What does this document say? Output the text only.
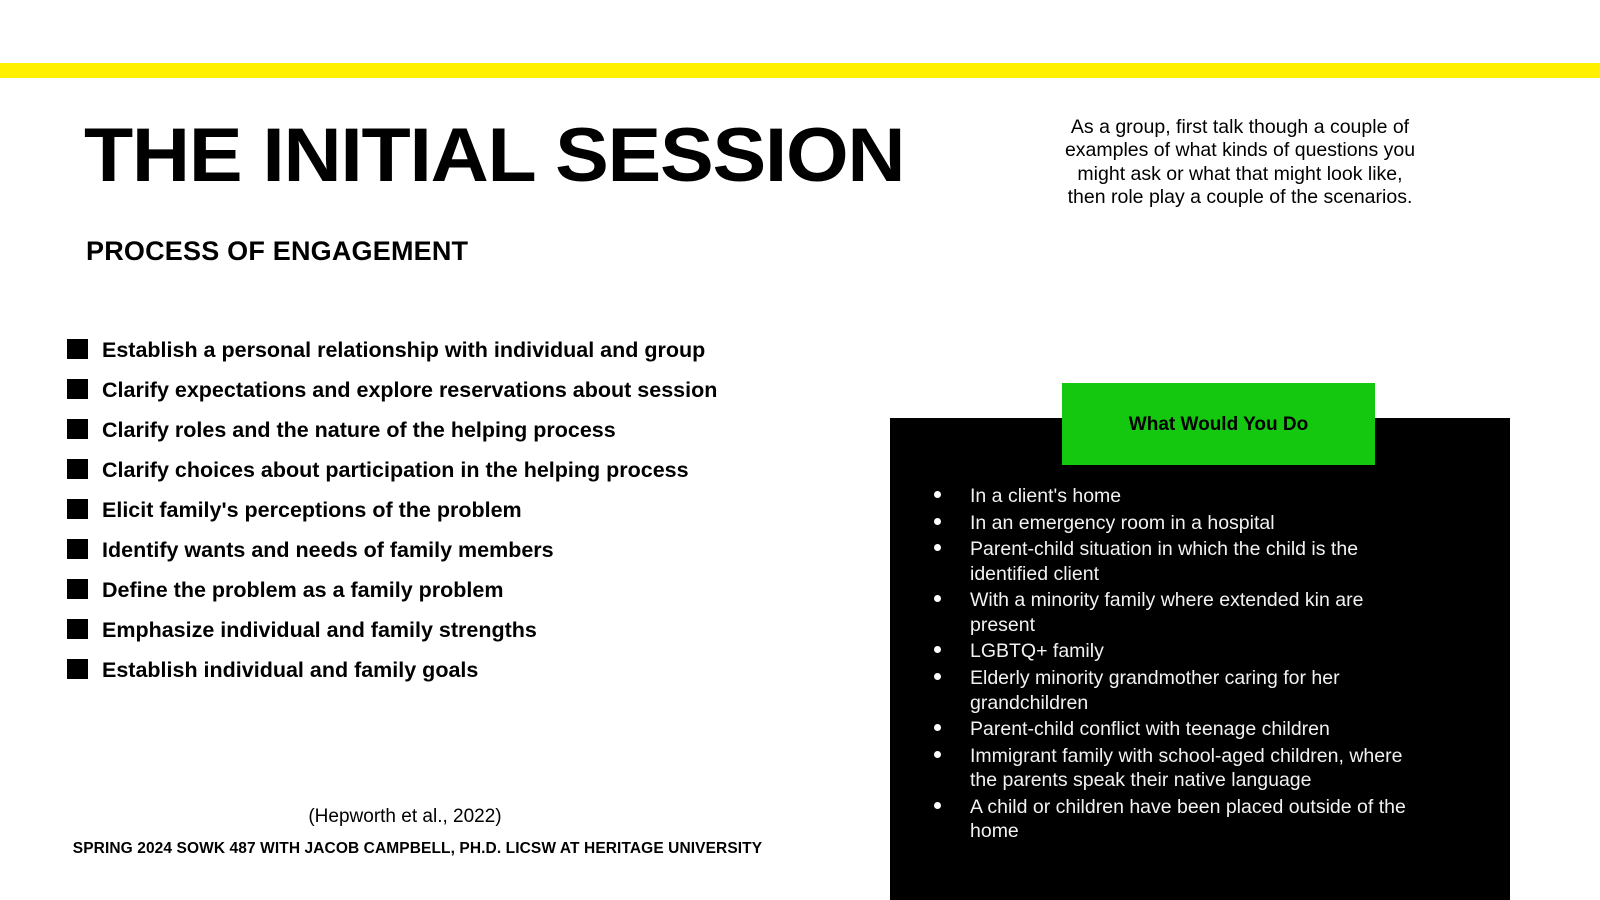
THE INITIAL SESSION
PROCESS OF ENGAGEMENT
As a group, first talk though a couple of examples of what kinds of questions you might ask or what that might look like, then role play a couple of the scenarios.
Establish a personal relationship with individual and group
Clarify expectations and explore reservations about session
Clarify roles and the nature of the helping process
Clarify choices about participation in the helping process
Elicit family's perceptions of the problem
Identify wants and needs of family members
Define the problem as a family problem
Emphasize individual and family strengths
Establish individual and family goals
(Hepworth et al., 2022)
SPRING 2024 SOWK 487 WITH JACOB CAMPBELL, PH.D. LICSW AT HERITAGE UNIVERSITY
In a client's home
In an emergency room in a hospital
Parent-child situation in which the child is the identified client
With a minority family where extended kin are present
LGBTQ+ family
Elderly minority grandmother caring for her grandchildren
Parent-child conflict with teenage children
Immigrant family with school-aged children, where the parents speak their native language
A child or children have been placed outside of the home
What Would You Do
